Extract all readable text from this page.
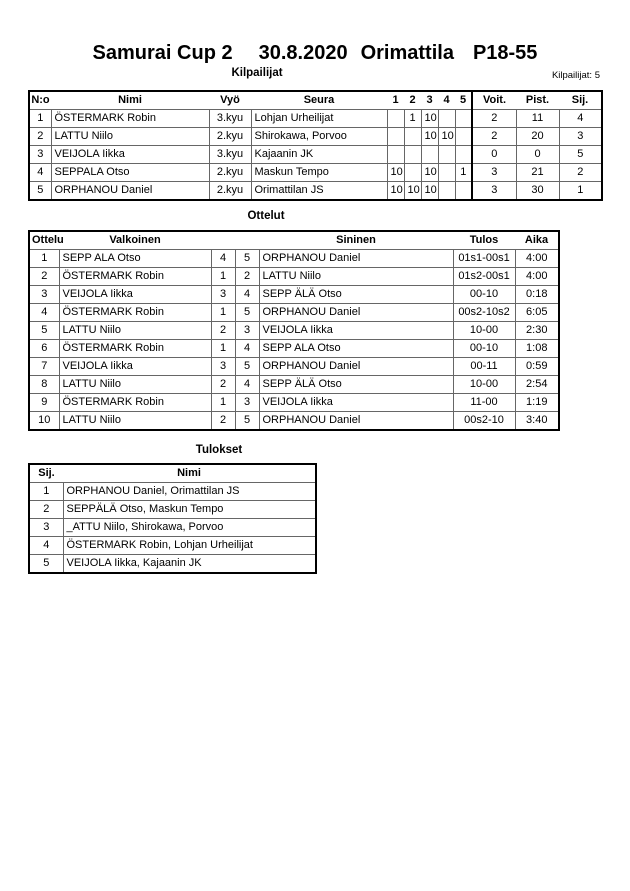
Samurai Cup 2 30.8.2020 Orimattila P18-55
Kilpailijat	Kilpailijat: 5
N:o	Nimi	Vyö	Seura	1	2	3	4	5	Voit.	Pist.	Sij.
1	ÖSTERMARK Robin	3.kyu	Lohjan Urheilijat		1	10			2	11	4
2	LATTU Niilo	2.kyu	Shirokawa, Porvoo			10	10		2	20	3
3	VEIJOLA Iikka	3.kyu	Kajaanin JK						0	0	5
4	SEPPALA Otso	2.kyu	Maskun Tempo	10		10		1	3	21	2
5	ORPHANOU Daniel	2.kyu	Orimattilan JS	10	10	10			3	30	1
Ottelut
Ottelu	Valkoinen			Sininen	Tulos	Aika
1	SEPP ALA Otso	4	5	ORPHANOU Daniel	01s1-00s1	4:00
2	ÖSTERMARK Robin	1	2	LATTU Niilo	01s2-00s1	4:00
3	VEIJOLA Iikka	3	4	SEPP ÄLÄ Otso	00-10	0:18
4	ÖSTERMARK Robin	1	5	ORPHANOU Daniel	00s2-10s2	6:05
5	LATTU Niilo	2	3	VEIJOLA Iikka	10-00	2:30
6	ÖSTERMARK Robin	1	4	SEPP ALA Otso	00-10	1:08
7	VEIJOLA Iikka	3	5	ORPHANOU Daniel	00-11	0:59
8	LATTU Niilo	2	4	SEPP ÄLÄ Otso	10-00	2:54
9	ÖSTERMARK Robin	1	3	VEIJOLA Iikka	11-00	1:19
10	LATTU Niilo	2	5	ORPHANOU Daniel	00s2-10	3:40
Tulokset
Sij.	Nimi
1	ORPHANOU Daniel, Orimattilan JS
2	SEPPÄLÄ Otso, Maskun Tempo
3	_ATTU Niilo, Shirokawa, Porvoo
4	ÖSTERMARK Robin, Lohjan Urheilijat
5	VEIJOLA Iikka, Kajaanin JK
